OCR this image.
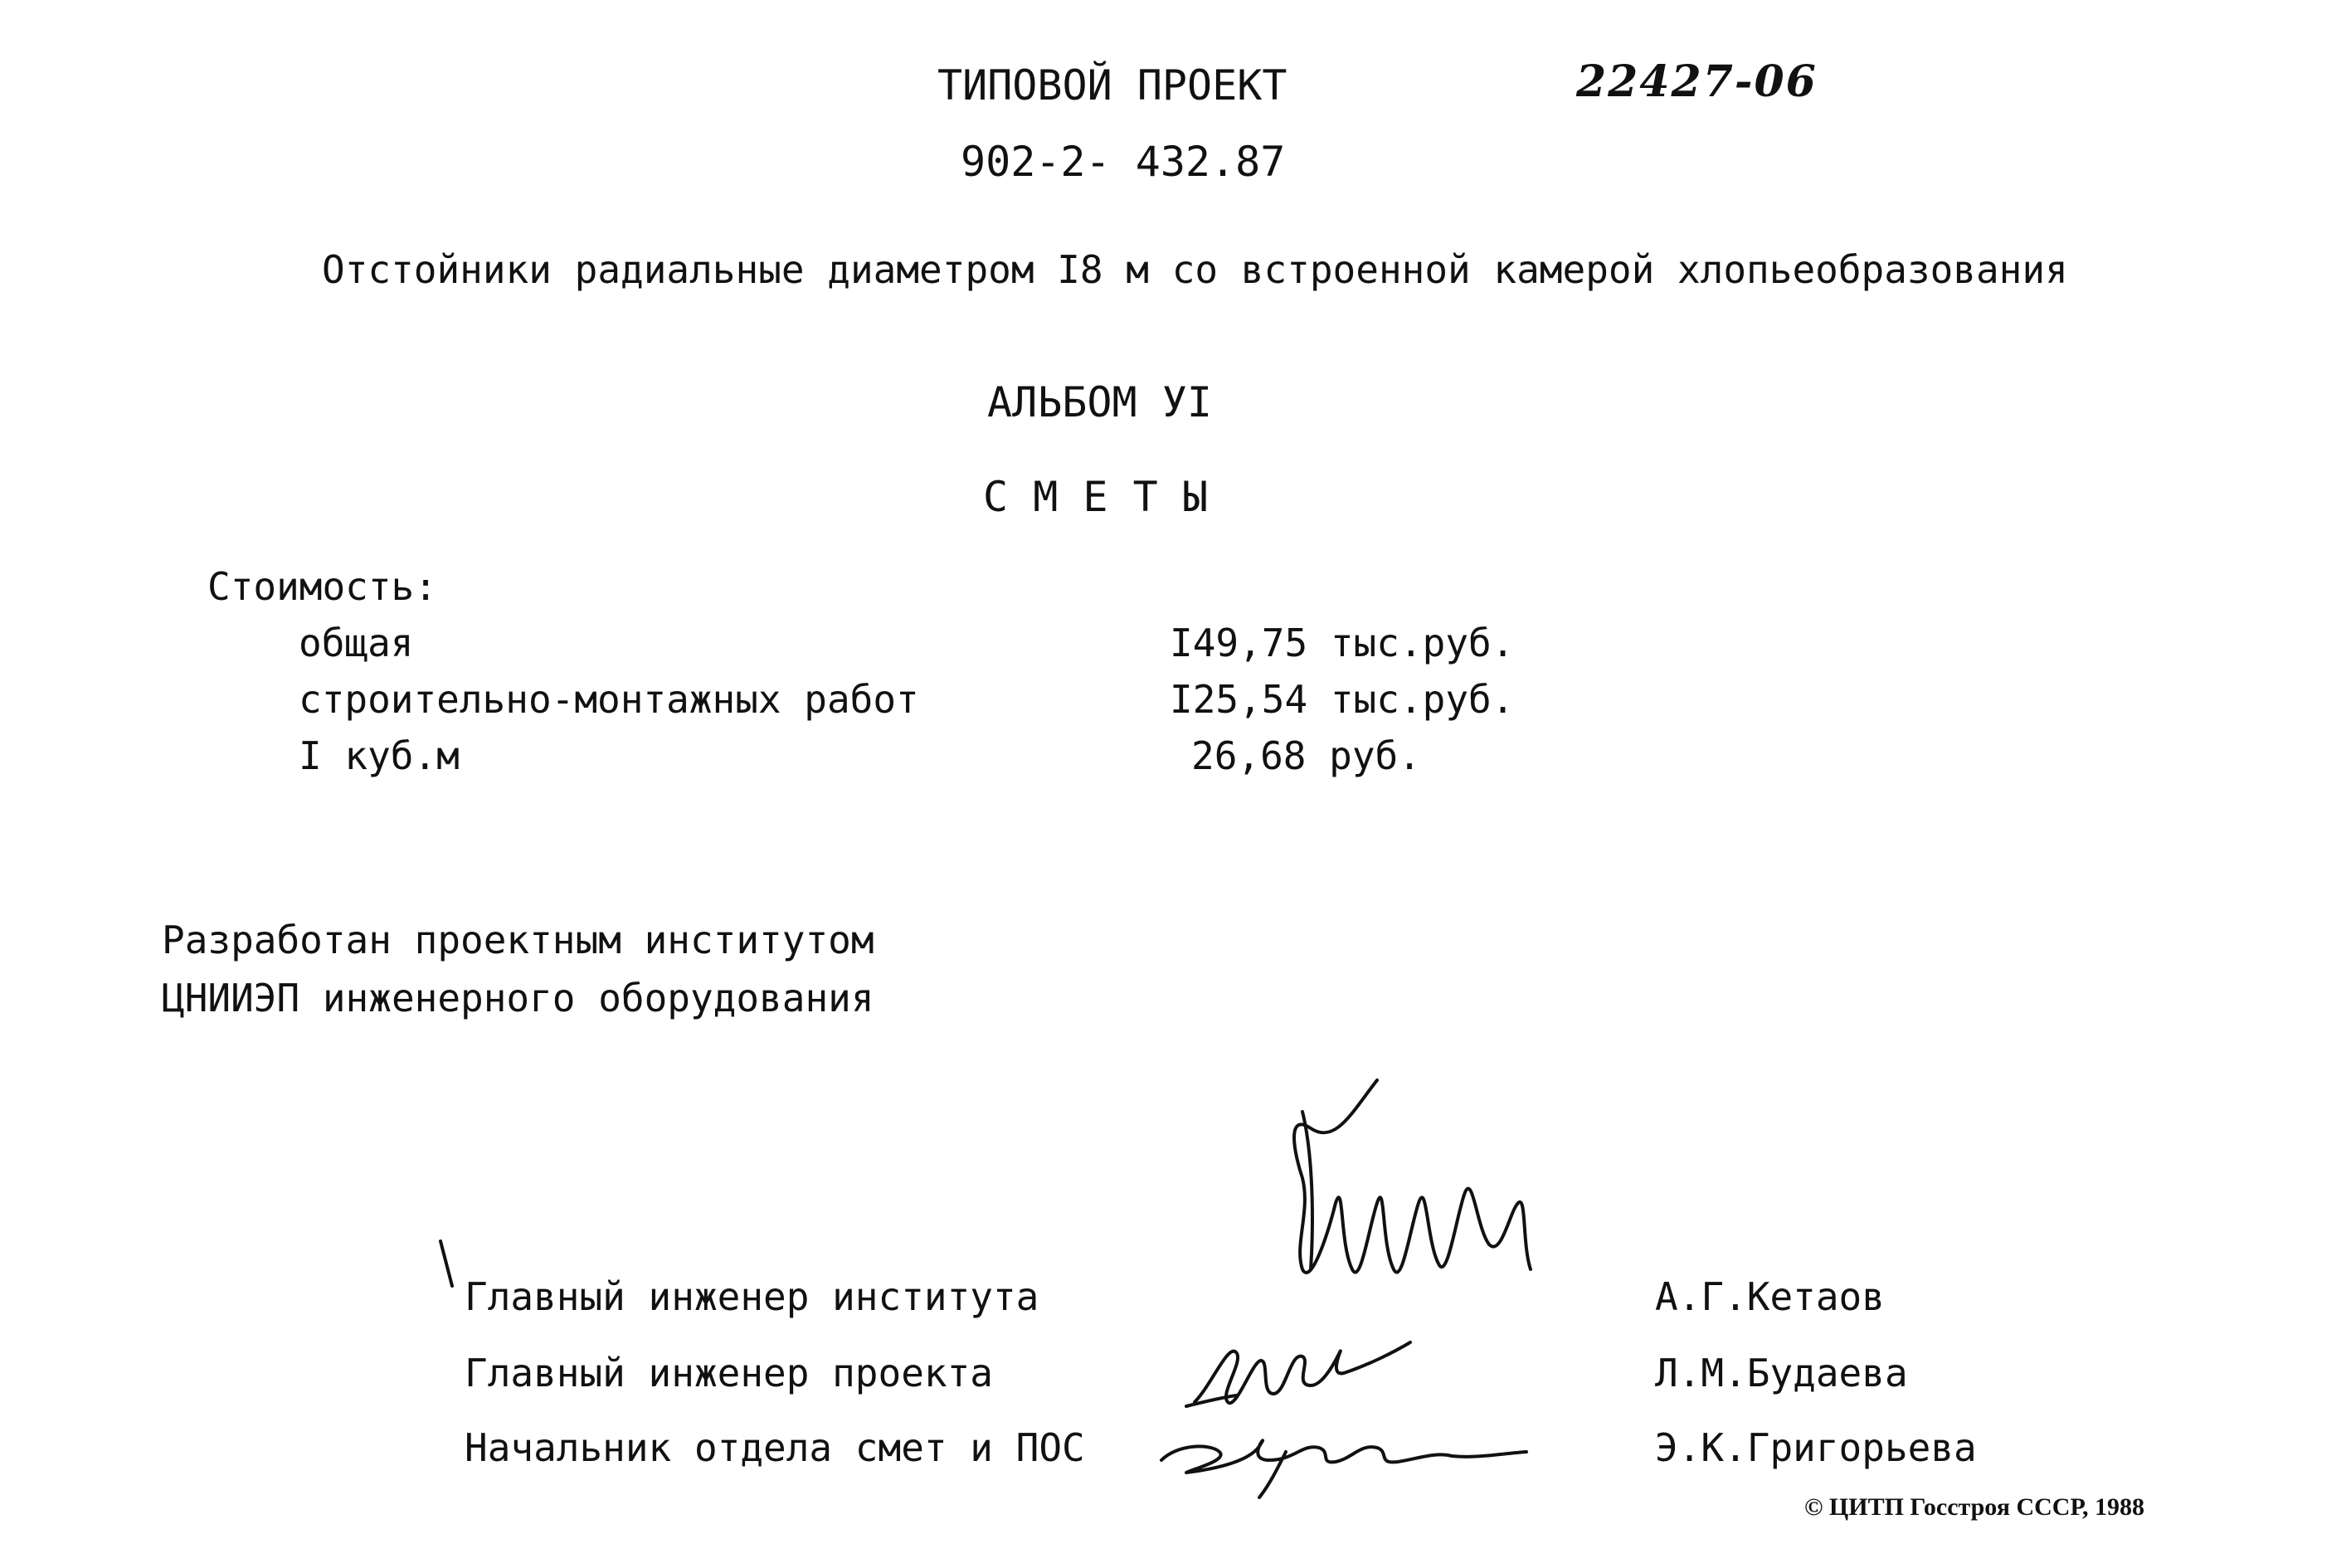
ТИПОВОЙ ПРОЕКТ	22427-06
902-2- 432.87
Отстойники радиальные диаметром I8 м со встроенной камерой хлопьеобразования
АЛЬБОМ УI
С М Е Т Ы
Стоимость:
общая	I49,75 тыс.руб.
строительно-монтажных работ	I25,54 тыс.руб.
I куб.м	26,68 руб.
Разработан проектным институтом
ЦНИИЭП инженерного оборудования
Главный инженер института	А.Г.Кетаов
Главный инженер проекта	Л.М.Будаева
Начальник отдела смет и ПОС	Э.К.Григорьева
© ЦИТП Госстроя СССР, 1988
